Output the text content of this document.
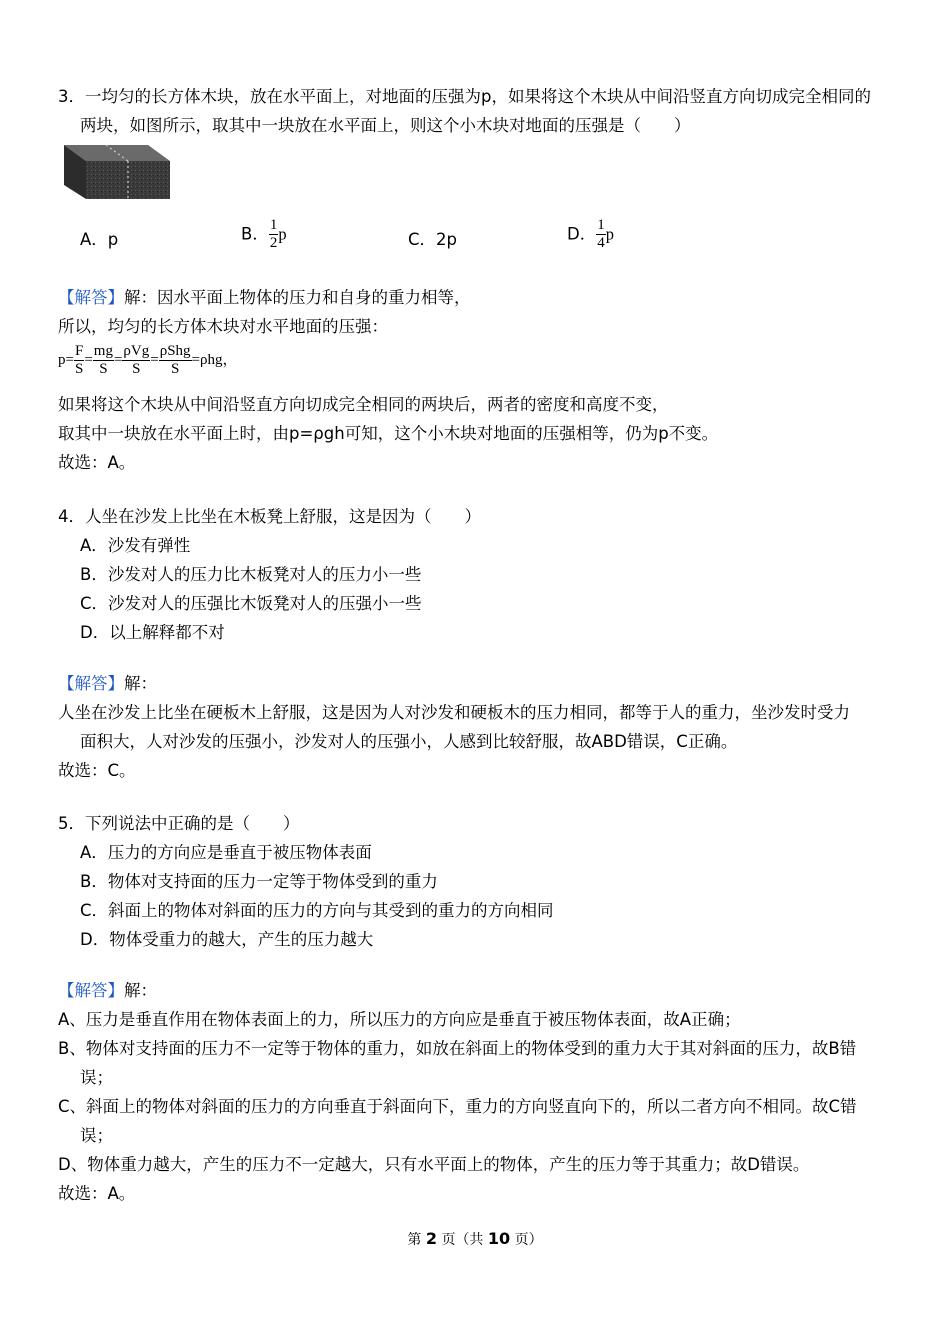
3．一均匀的长方体木块，放在水平面上，对地面的压强为p，如果将这个木块从中间沿竖直方向切成完全相同的
两块，如图所示，取其中一块放在水平面上，则这个小木块对地面的压强是（　　）
A．p	B． $\frac{1}{2}$ p	C．2p	D． $\frac{1}{4}$ p
【解答】解：因水平面上物体的压力和自身的重力相等，
所以，均匀的长方体木块对水平地面的压强：
$p= \frac{F}{S} = \frac{mg}{S} = \frac{\text{ρVg}}{S} = \frac{\text{ρShg}}{S} =\rho hg$，
如果将这个木块从中间沿竖直方向切成完全相同的两块后，两者的密度和高度不变，
取其中一块放在水平面上时，由p=ρgh可知，这个小木块对地面的压强相等，仍为p不变。
故选：A。
4．人坐在沙发上比坐在木板凳上舒服，这是因为（　　）
A．沙发有弹性
B．沙发对人的压力比木板凳对人的压力小一些
C．沙发对人的压强比木饭凳对人的压强小一些
D．以上解释都不对
【解答】解：
人坐在沙发上比坐在硬板木上舒服，这是因为人对沙发和硬板木的压力相同，都等于人的重力，坐沙发时受力
面积大，人对沙发的压强小，沙发对人的压强小，人感到比较舒服，故ABD错误，C正确。
故选：C。
5．下列说法中正确的是（　　）
A．压力的方向应是垂直于被压物体表面
B．物体对支持面的压力一定等于物体受到的重力
C．斜面上的物体对斜面的压力的方向与其受到的重力的方向相同
D．物体受重力的越大，产生的压力越大
【解答】解：
A、压力是垂直作用在物体表面上的力，所以压力的方向应是垂直于被压物体表面，故A正确；
B、物体对支持面的压力不一定等于物体的重力，如放在斜面上的物体受到的重力大于其对斜面的压力，故B错
误；
C、斜面上的物体对斜面的压力的方向垂直于斜面向下，重力的方向竖直向下的，所以二者方向不相同。故C错
误；
D、物体重力越大，产生的压力不一定越大，只有水平面上的物体，产生的压力等于其重力；故D错误。
故选：A。
第 2 页（共 10 页）
